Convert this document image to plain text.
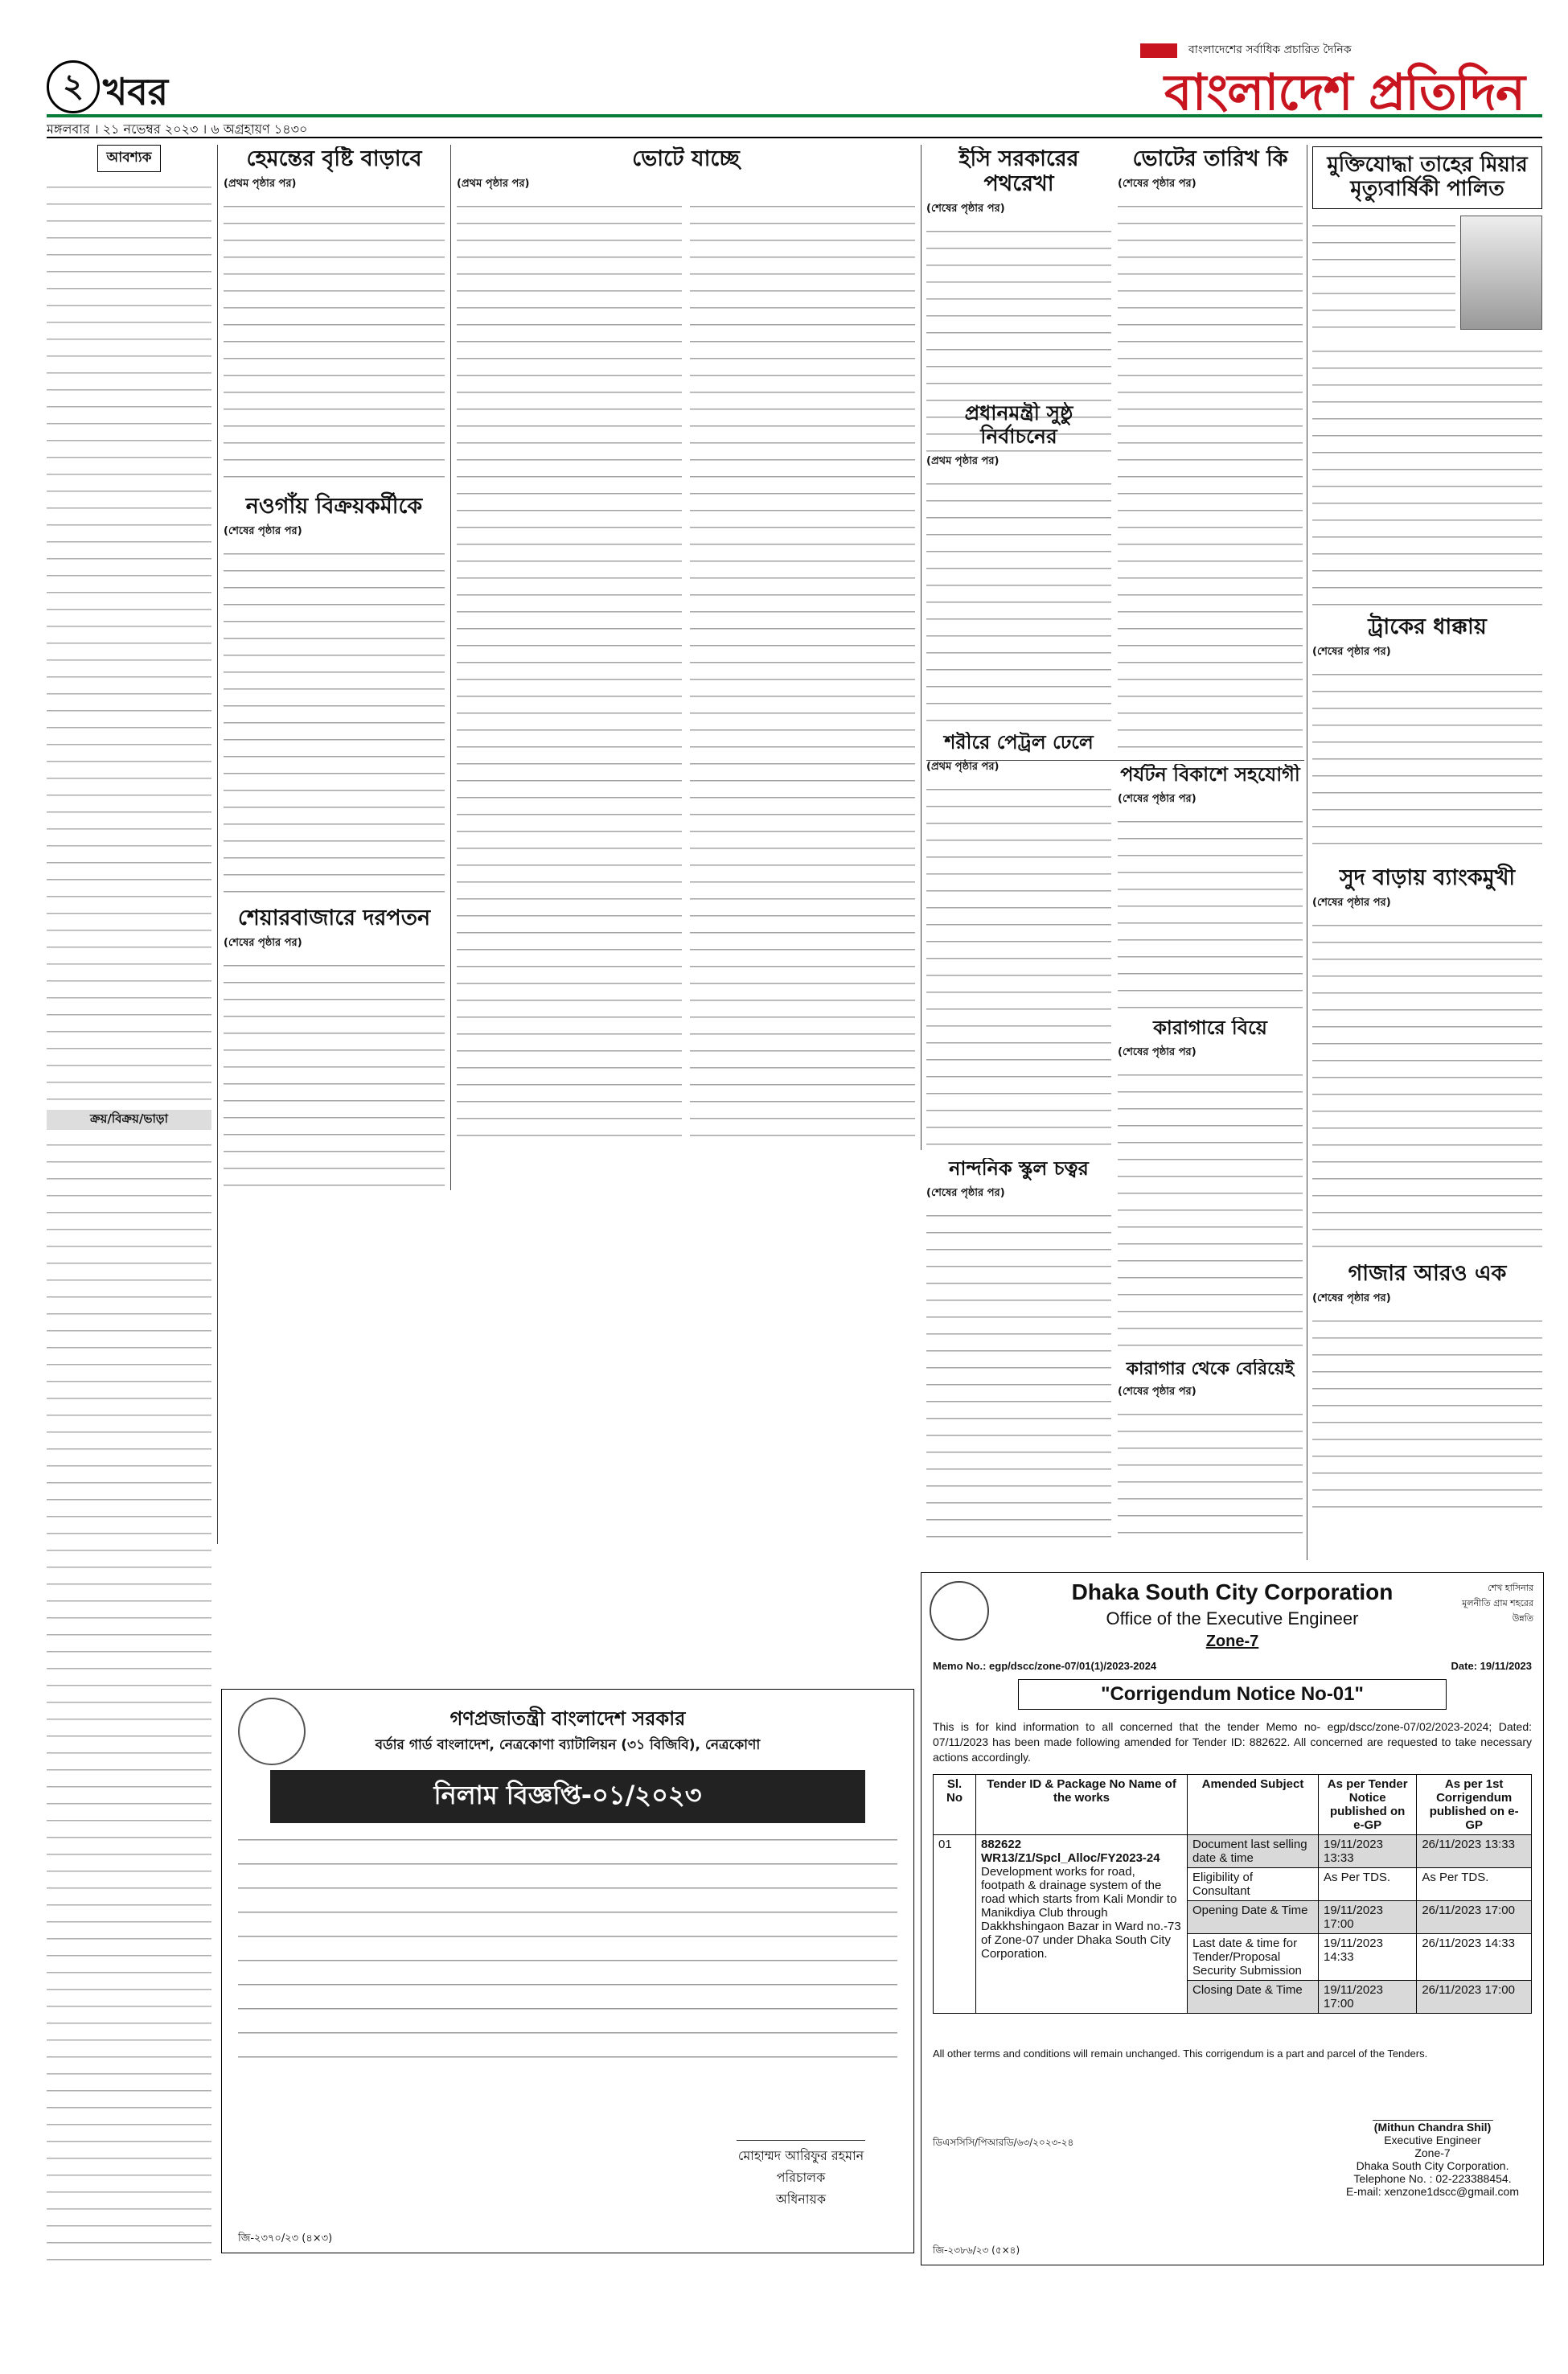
২ খবর
মঙ্গলবার । ২১ নভেম্বর ২০২৩ । ৬ অগ্রহায়ণ ১৪৩০
বাংলাদেশের সর্বাধিক প্রচারিত দৈনিক
বাংলাদেশ প্রতিদিন
আবশ্যক
ক্রয়/বিক্রয়/ভাড়া
হেমন্তের বৃষ্টি বাড়াবে
(প্রথম পৃষ্ঠার পর)
নওগাঁয় বিক্রয়কর্মীকে
(শেষের পৃষ্ঠার পর)
শেয়ারবাজারে দরপতন
(শেষের পৃষ্ঠার পর)
ভোটে যাচ্ছে
(প্রথম পৃষ্ঠার পর)
ইসি সরকারের পথরেখা
(শেষের পৃষ্ঠার পর)
ভোটের তারিখ কি
(শেষের পৃষ্ঠার পর)
প্রধানমন্ত্রী সুষ্ঠু নির্বাচনের
(প্রথম পৃষ্ঠার পর)
পর্যটন বিকাশে সহযোগী
(শেষের পৃষ্ঠার পর)
শরীরে পেট্রল ঢেলে
(প্রথম পৃষ্ঠার পর)
কারাগারে বিয়ে
(শেষের পৃষ্ঠার পর)
নান্দনিক স্কুল চত্বর
(শেষের পৃষ্ঠার পর)
কারাগার থেকে বেরিয়েই
(শেষের পৃষ্ঠার পর)
মুক্তিযোদ্ধা তাহের মিয়ার মৃত্যুবার্ষিকী পালিত
ট্রাকের ধাক্কায়
(শেষের পৃষ্ঠার পর)
সুদ বাড়ায় ব্যাংকমুখী
(শেষের পৃষ্ঠার পর)
গাজার আরও এক
(শেষের পৃষ্ঠার পর)
গণপ্রজাতন্ত্রী বাংলাদেশ সরকার
বর্ডার গার্ড বাংলাদেশ, নেত্রকোণা ব্যাটালিয়ন (৩১ বিজিবি), নেত্রকোণা
নিলাম বিজ্ঞপ্তি-০১/২০২৩
মোহাম্মদ আরিফুর রহমান
পরিচালক
অধিনায়ক
জি-২৩৭০/২৩ (৪×৩)
শেখ হাসিনার মূলনীতি গ্রাম শহরের উন্নতি
Dhaka South City Corporation
Office of the Executive Engineer
Zone-7
Memo No.: egp/dscc/zone-07/01(1)/2023-2024	Date: 19/11/2023
"Corrigendum Notice No-01"
This is for kind information to all concerned that the tender Memo no- egp/dscc/zone-07/02/2023-2024; Dated: 07/11/2023 has been made following amended for Tender ID: 882622. All concerned are requested to take necessary actions accordingly.
Sl. No	Tender ID & Package No Name of the works	Amended Subject	As per Tender Notice published on e-GP	As per 1st Corrigendum published on e-GP
01	882622
WR13/Z1/Spcl_Alloc/FY2023-24
Development works for road, footpath & drainage system of the road which starts from Kali Mondir to Manikdiya Club through Dakkhshingaon Bazar in Ward no.-73 of Zone-07 under Dhaka South City Corporation.	Document last selling date & time	19/11/2023 13:33	26/11/2023 13:33
		Eligibility of Consultant	As Per TDS.	As Per TDS.
		Opening Date & Time	19/11/2023 17:00	26/11/2023 17:00
		Last date & time for Tender/Proposal Security Submission	19/11/2023 14:33	26/11/2023 14:33
		Closing Date & Time	19/11/2023 17:00	26/11/2023 17:00
All other terms and conditions will remain unchanged. This corrigendum is a part and parcel of the Tenders.
(Mithun Chandra Shil)
Executive Engineer
Zone-7
Dhaka South City Corporation.
Telephone No. : 02-223388454.
E-mail: xenzone1dscc@gmail.com
ডিএসসিসি/পিআরডি/৬৩/২০২৩-২৪
জি-২৩৮৬/২৩ (৫×৪)
